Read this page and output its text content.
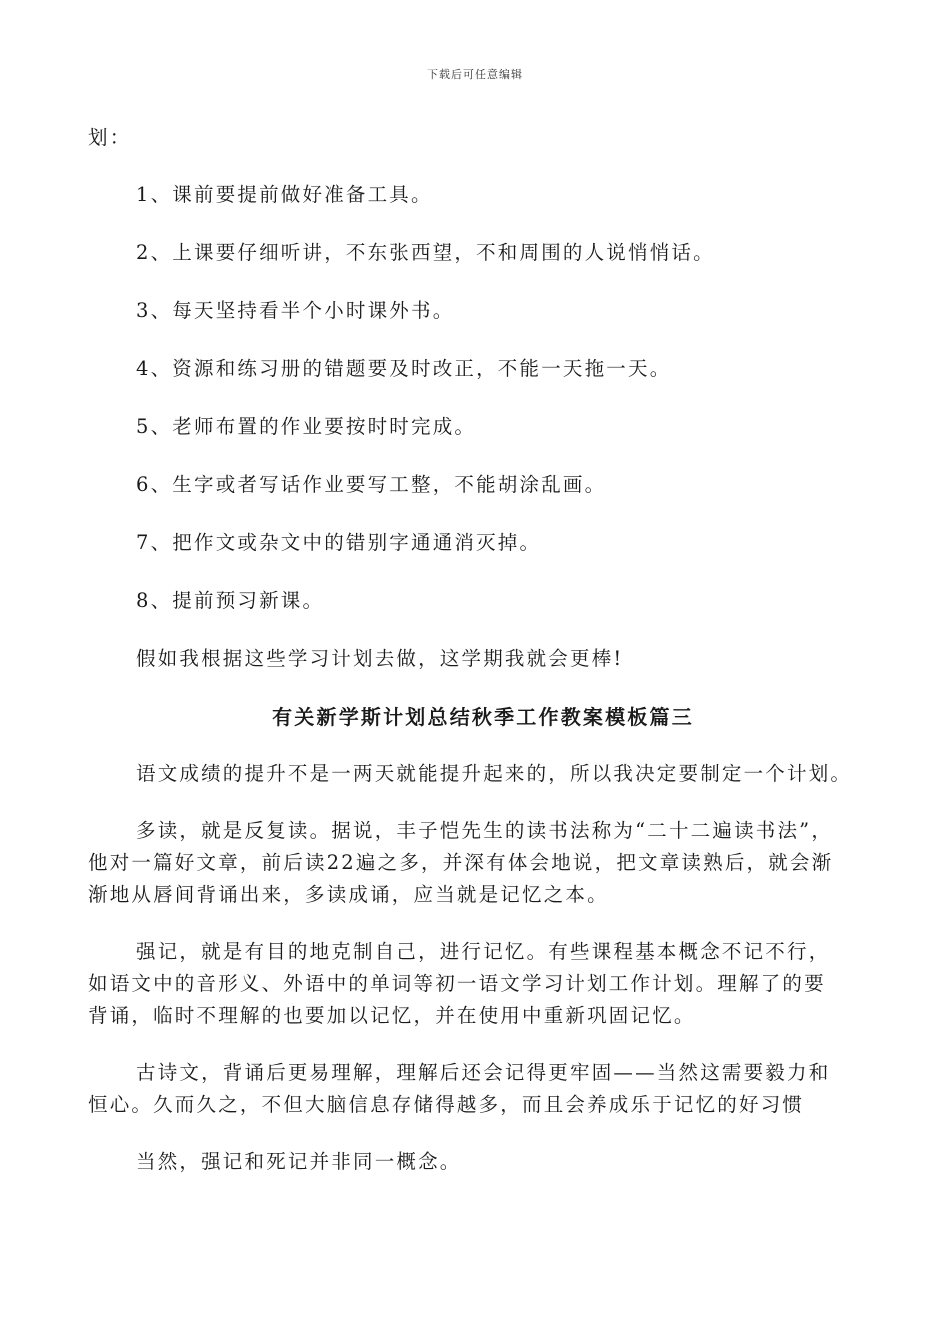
下载后可任意编辑

划：

1、课前要提前做好准备工具。

2、上课要仔细听讲，不东张西望，不和周围的人说悄悄话。

3、每天坚持看半个小时课外书。

4、资源和练习册的错题要及时改正，不能一天拖一天。

5、老师布置的作业要按时时完成。

6、生字或者写话作业要写工整，不能胡涂乱画。

7、把作文或杂文中的错别字通通消灭掉。

8、提前预习新课。

假如我根据这些学习计划去做，这学期我就会更棒!

有关新学斯计划总结秋季工作教案模板篇三

语文成绩的提升不是一两天就能提升起来的，所以我决定要制定一个计划。

多读，就是反复读。据说，丰子恺先生的读书法称为“二十二遍读书法”，

他对一篇好文章，前后读22遍之多，并深有体会地说，把文章读熟后，就会渐

渐地从唇间背诵出来，多读成诵，应当就是记忆之本。

强记，就是有目的地克制自己，进行记忆。有些课程基本概念不记不行，

如语文中的音形义、外语中的单词等初一语文学习计划工作计划。理解了的要

背诵，临时不理解的也要加以记忆，并在使用中重新巩固记忆。

古诗文，背诵后更易理解，理解后还会记得更牢固——当然这需要毅力和

恒心。久而久之，不但大脑信息存储得越多，而且会养成乐于记忆的好习惯

当然，强记和死记并非同一概念。
